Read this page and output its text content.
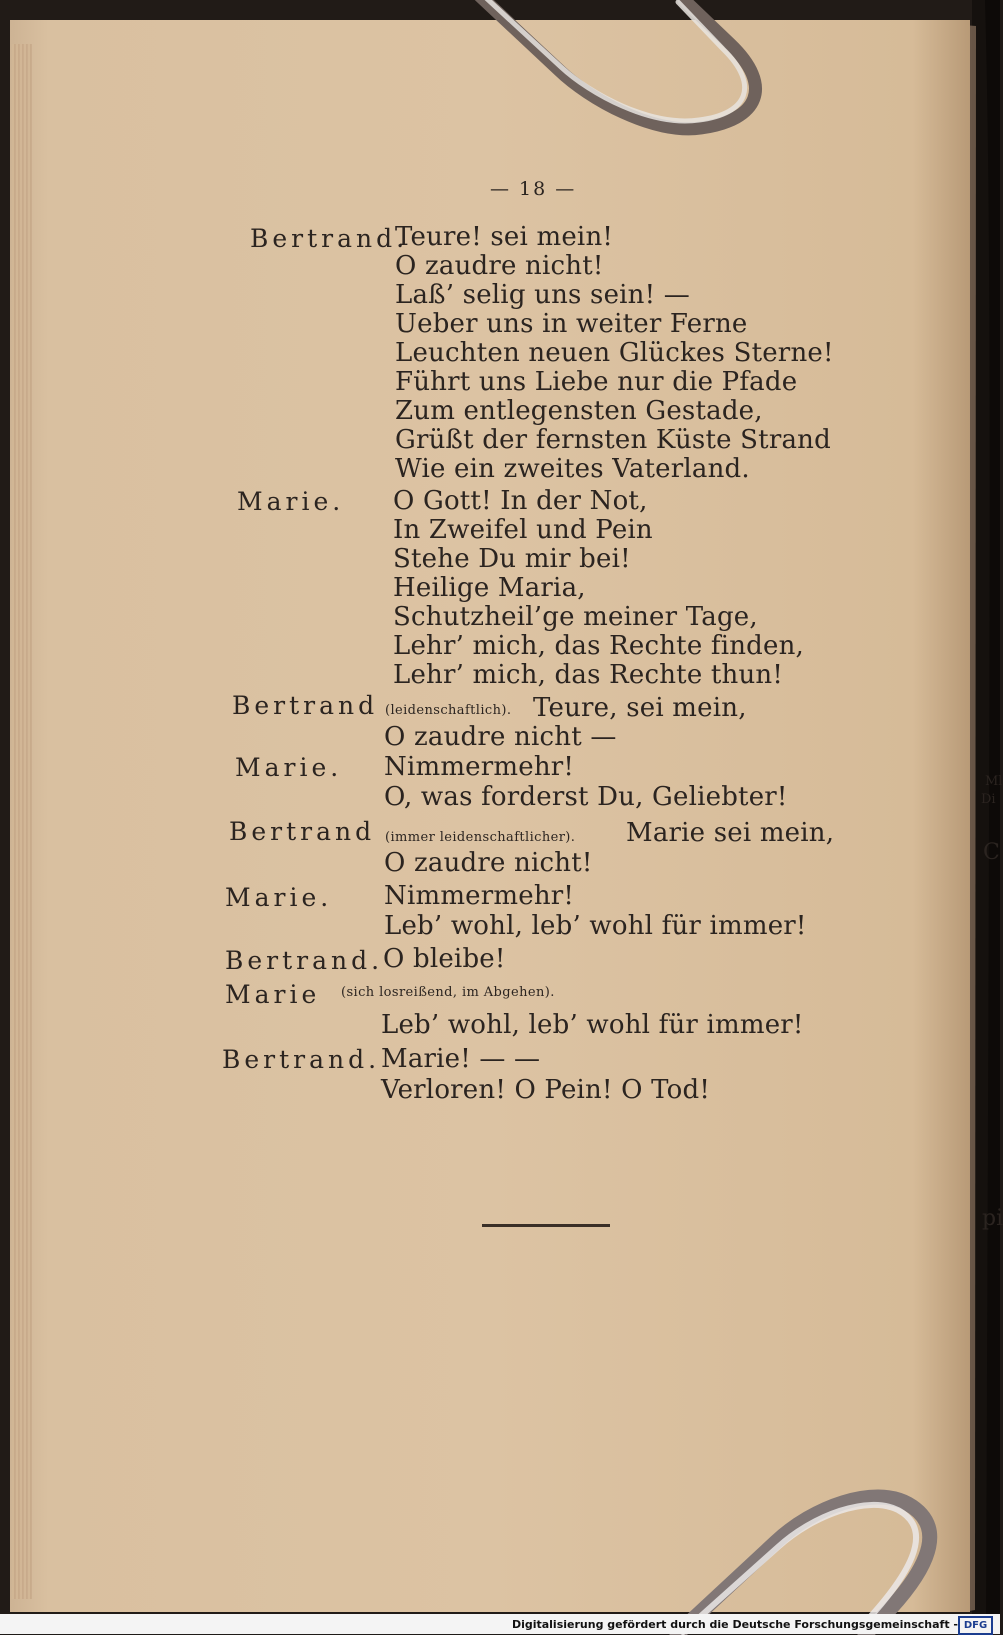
— 18 —
Bertrand.
Teure! sei mein!
O zaudre nicht!
Laß’ selig uns sein! —
Ueber uns in weiter Ferne
Leuchten neuen Glückes Sterne!
Führt uns Liebe nur die Pfade
Zum entlegensten Gestade,
Grüßt der fernsten Küste Strand
Wie ein zweites Vaterland.
Marie. O Gott! In der Not,
In Zweifel und Pein
Stehe Du mir bei!
Heilige Maria,
Schutzheil’ge meiner Tage,
Lehr’ mich, das Rechte finden,
Lehr’ mich, das Rechte thun!
Bertrand (leidenschaftlich). Teure, sei mein,
O zaudre nicht —
Marie. Nimmermehr!
O, was forderst Du, Geliebter!
Bertrand (immer leidenschaftlicher). Marie sei mein,
O zaudre nicht!
Marie. Nimmermehr!
Leb’ wohl, leb’ wohl für immer!
Bertrand. O bleibe!
Marie (sich losreißend, im Abgehen).
Leb’ wohl, leb’ wohl für immer!
Bertrand. Marie! — —
Verloren! O Pein! O Tod!
Ml
Di
C
pi
Digitalisierung gefördert durch die Deutsche Forschungsgemeinschaft - DFG
